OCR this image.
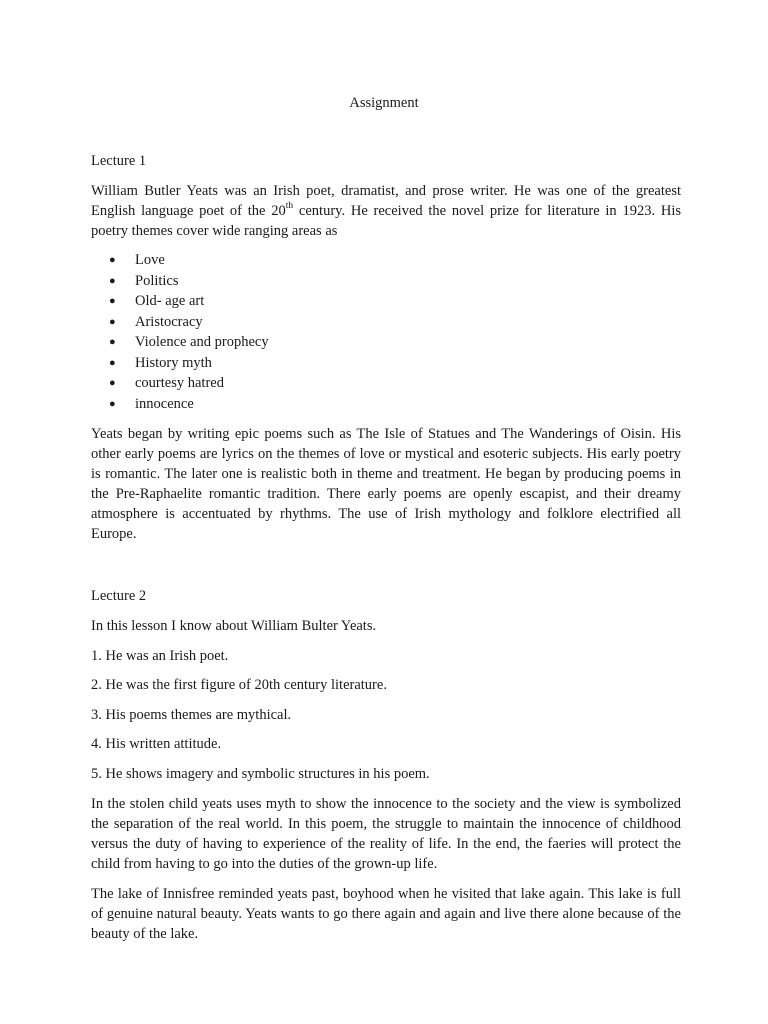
Assignment

Lecture 1

William Butler Yeats was an Irish poet, dramatist, and prose writer. He was one of the greatest English language poet of the 20th century. He received the novel prize for literature in 1923. His poetry themes cover wide ranging areas as

● Love
● Politics
● Old- age art
● Aristocracy
● Violence and prophecy
● History myth
● courtesy hatred
● innocence

Yeats began by writing epic poems such as The Isle of Statues and The Wanderings of Oisin. His other early poems are lyrics on the themes of love or mystical and esoteric subjects. His early poetry is romantic. The later one is realistic both in theme and treatment. He began by producing poems in the Pre-Raphaelite romantic tradition. There early poems are openly escapist, and their dreamy atmosphere is accentuated by rhythms. The use of Irish mythology and folklore electrified all Europe.

Lecture 2

In this lesson I know about William Bulter Yeats.

1. He was an Irish poet.

2. He was the first figure of 20th century literature.

3. His poems themes are mythical.

4. His written attitude.

5. He shows imagery and symbolic structures in his poem.

In the stolen child yeats uses myth to show the innocence to the society and the view is symbolized the separation of the real world. In this poem, the struggle to maintain the innocence of childhood versus the duty of having to experience of the reality of life. In the end, the faeries will protect the child from having to go into the duties of the grown-up life.

The lake of Innisfree reminded yeats past, boyhood when he visited that lake again. This lake is full of genuine natural beauty. Yeats wants to go there again and again and live there alone because of the beauty of the lake.
